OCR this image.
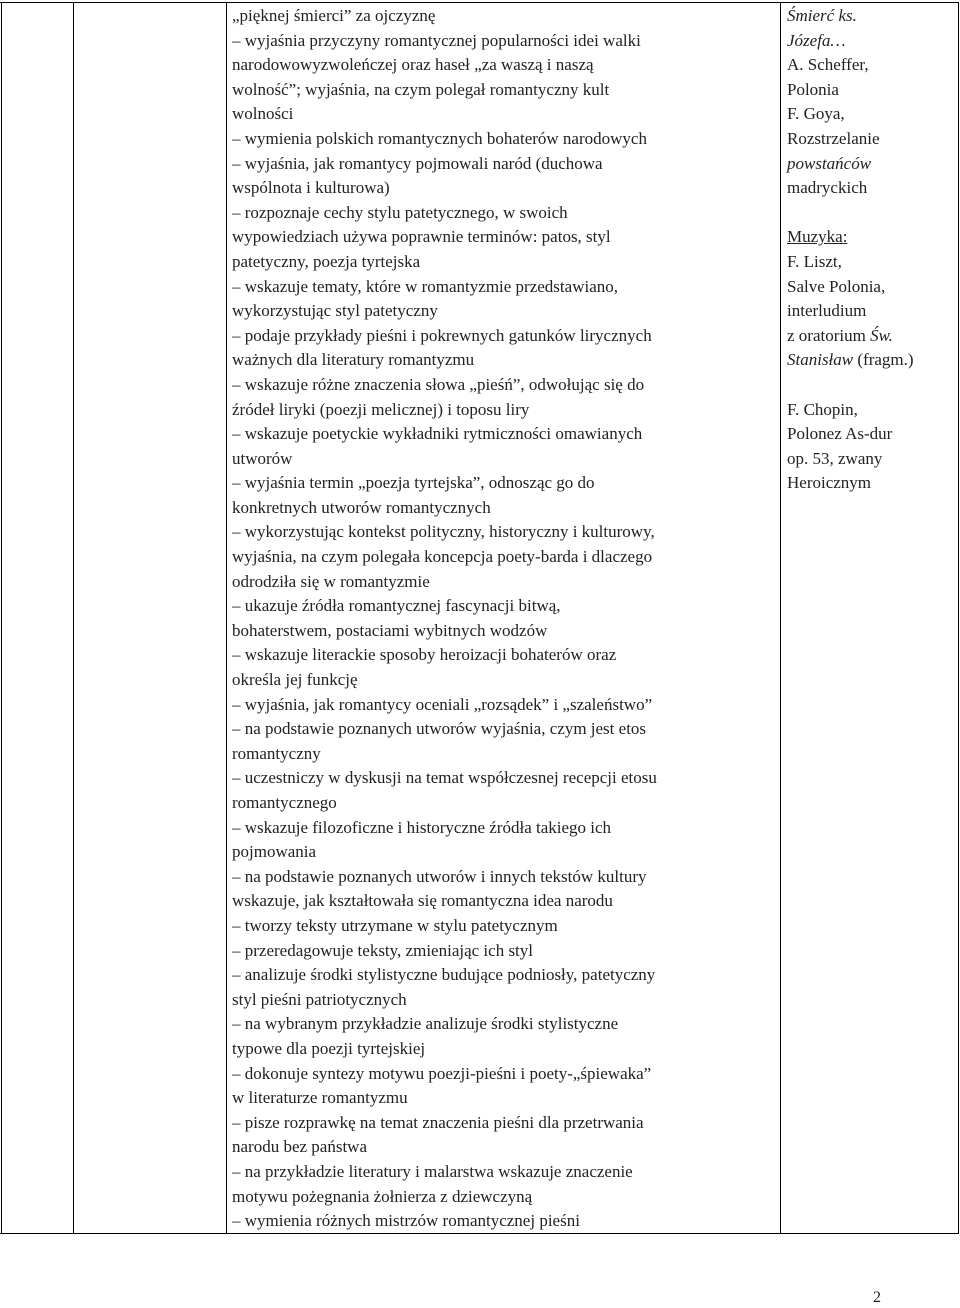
„pięknej śmierci” za ojczyznę
– wyjaśnia przyczyny romantycznej popularności idei walki
narodowowyzwoleńczej oraz haseł „za waszą i naszą
wolność”; wyjaśnia, na czym polegał romantyczny kult
wolności
– wymienia polskich romantycznych bohaterów narodowych
– wyjaśnia, jak romantycy pojmowali naród (duchowa
wspólnota i kulturowa)
– rozpoznaje cechy stylu patetycznego, w swoich
wypowiedziach używa poprawnie terminów: patos, styl
patetyczny, poezja tyrtejska
– wskazuje tematy, które w romantyzmie przedstawiano,
wykorzystując styl patetyczny
– podaje przykłady pieśni i pokrewnych gatunków lirycznych
ważnych dla literatury romantyzmu
– wskazuje różne znaczenia słowa „pieśń”, odwołując się do
źródeł liryki (poezji melicznej) i toposu liry
– wskazuje poetyckie wykładniki rytmiczności omawianych
utworów
– wyjaśnia termin „poezja tyrtejska”, odnosząc go do
konkretnych utworów romantycznych
– wykorzystując kontekst polityczny, historyczny i kulturowy,
wyjaśnia, na czym polegała koncepcja poety-barda i dlaczego
odrodziła się w romantyzmie
– ukazuje źródła romantycznej fascynacji bitwą,
bohaterstwem, postaciami wybitnych wodzów
– wskazuje literackie sposoby heroizacji bohaterów oraz
określa jej funkcję
– wyjaśnia, jak romantycy oceniali „rozsądek” i „szaleństwo”
– na podstawie poznanych utworów wyjaśnia, czym jest etos
romantyczny
– uczestniczy w dyskusji na temat współczesnej recepcji etosu
romantycznego
– wskazuje filozoficzne i historyczne źródła takiego ich
pojmowania
– na podstawie poznanych utworów i innych tekstów kultury
wskazuje, jak kształtowała się romantyczna idea narodu
– tworzy teksty utrzymane w stylu patetycznym
– przeredagowuje teksty, zmieniając ich styl
– analizuje środki stylistyczne budujące podniosły, patetyczny
styl pieśni patriotycznych
– na wybranym przykładzie analizuje środki stylistyczne
typowe dla poezji tyrtejskiej
– dokonuje syntezy motywu poezji-pieśni i poety-„śpiewaka”
w literaturze romantyzmu
– pisze rozprawkę na temat znaczenia pieśni dla przetrwania
narodu bez państwa
– na przykładzie literatury i malarstwa wskazuje znaczenie
motywu pożegnania żołnierza z dziewczyną
– wymienia różnych mistrzów romantycznej pieśni
Śmierć ks.
Józefa…
A. Scheffer,
Polonia
F. Goya,
Rozstrzelanie
powstańców
madryckich
Muzyka:
F. Liszt,
Salve Polonia,
interludium
z oratorium Św.
Stanisław (fragm.)
F. Chopin,
Polonez As-dur
op. 53, zwany
Heroicznym
2
